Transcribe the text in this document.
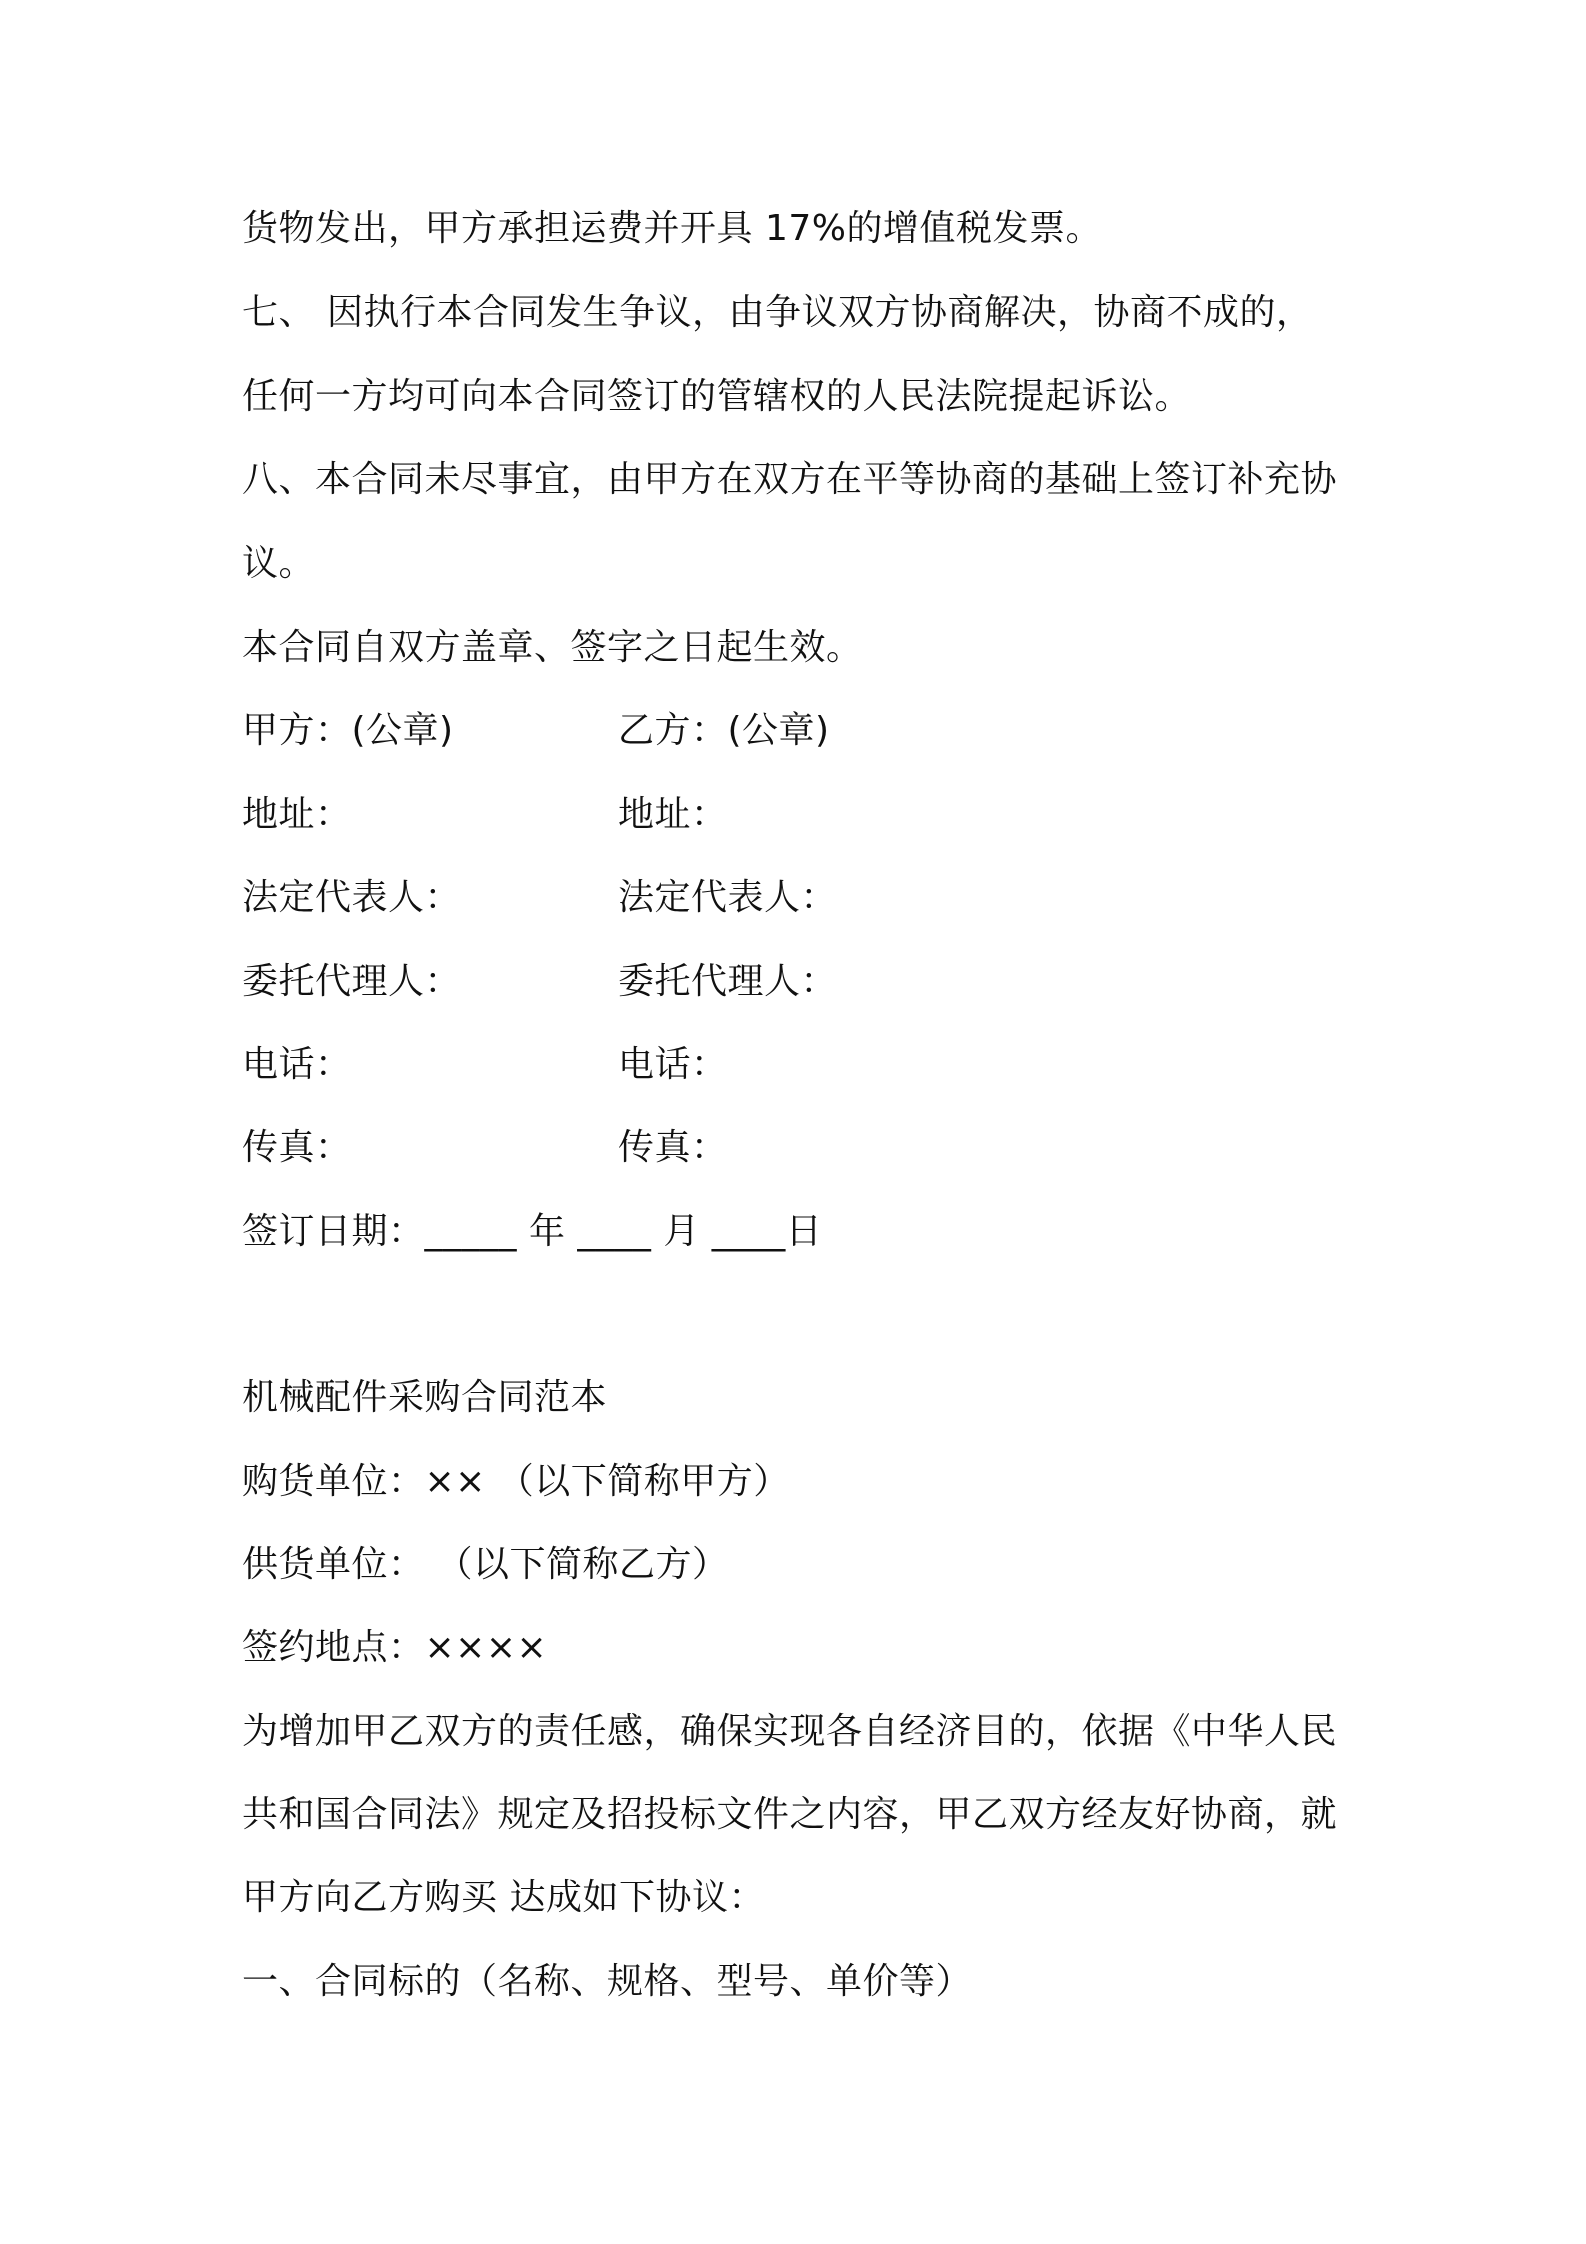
货物发出，甲方承担运费并开具 17%的增值税发票。
七、 因执行本合同发生争议，由争议双方协商解决，协商不成的，
任何一方均可向本合同签订的管辖权的人民法院提起诉讼。
八、本合同未尽事宜，由甲方在双方在平等协商的基础上签订补充协
议。
本合同自双方盖章、签字之日起生效。
甲方：(公章)	乙方：(公章)
地址：	地址：
法定代表人：	法定代表人：
委托代理人：	委托代理人：
电话：	电话：
传真：	传真：
签订日期：_____ 年 ____ 月 ____日
机械配件采购合同范本
购货单位：×× （以下简称甲方）
供货单位： （以下简称乙方）
签约地点：××××
为增加甲乙双方的责任感，确保实现各自经济目的，依据《中华人民
共和国合同法》规定及招投标文件之内容，甲乙双方经友好协商，就
甲方向乙方购买 达成如下协议：
一、合同标的（名称、规格、型号、单价等）
